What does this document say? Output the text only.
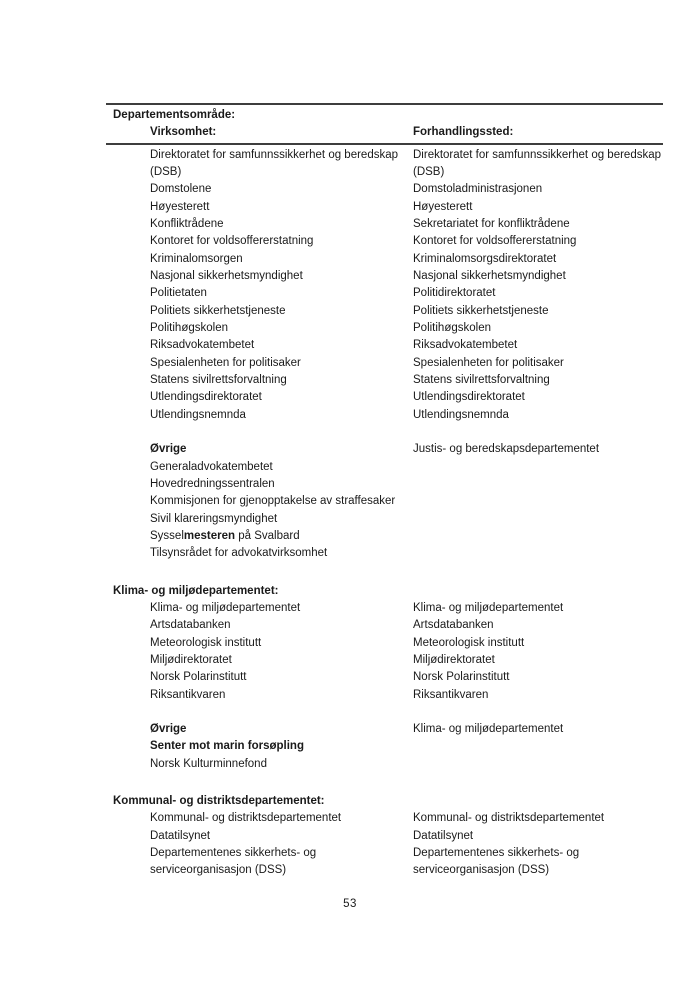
Departementsområde:
Virksomhet:	Forhandlingssted:
Direktoratet for samfunnssikkerhet og beredskap	Direktoratet for samfunnssikkerhet og beredskap
(DSB)	(DSB)
Domstolene	Domstoladministrasjonen
Høyesterett	Høyesterett
Konfliktrådene	Sekretariatet for konfliktrådene
Kontoret for voldsoffererstatning	Kontoret for voldsoffererstatning
Kriminalomsorgen	Kriminalomsorgsdirektoratet
Nasjonal sikkerhetsmyndighet	Nasjonal sikkerhetsmyndighet
Politietaten	Politidirektoratet
Politiets sikkerhetstjeneste	Politiets sikkerhetstjeneste
Politihøgskolen	Politihøgskolen
Riksadvokatembetet	Riksadvokatembetet
Spesialenheten for politisaker	Spesialenheten for politisaker
Statens sivilrettsforvaltning	Statens sivilrettsforvaltning
Utlendingsdirektoratet	Utlendingsdirektoratet
Utlendingsnemnda	Utlendingsnemnda
Øvrige	Justis- og beredskapsdepartementet
Generaladvokatembetet
Hovedredningssentralen
Kommisjonen for gjenopptakelse av straffesaker
Sivil klareringsmyndighet
Sysselmesteren på Svalbard
Tilsynsrådet for advokatvirksomhet
Klima- og miljødepartementet:
Klima- og miljødepartementet	Klima- og miljødepartementet
Artsdatabanken	Artsdatabanken
Meteorologisk institutt	Meteorologisk institutt
Miljødirektoratet	Miljødirektoratet
Norsk Polarinstitutt	Norsk Polarinstitutt
Riksantikvaren	Riksantikvaren
Øvrige	Klima- og miljødepartementet
Senter mot marin forsøpling
Norsk Kulturminnefond
Kommunal- og distriktsdepartementet:
Kommunal- og distriktsdepartementet	Kommunal- og distriktsdepartementet
Datatilsynet	Datatilsynet
Departementenes sikkerhets- og	Departementenes sikkerhets- og
serviceorganisasjon (DSS)	serviceorganisasjon (DSS)
53
